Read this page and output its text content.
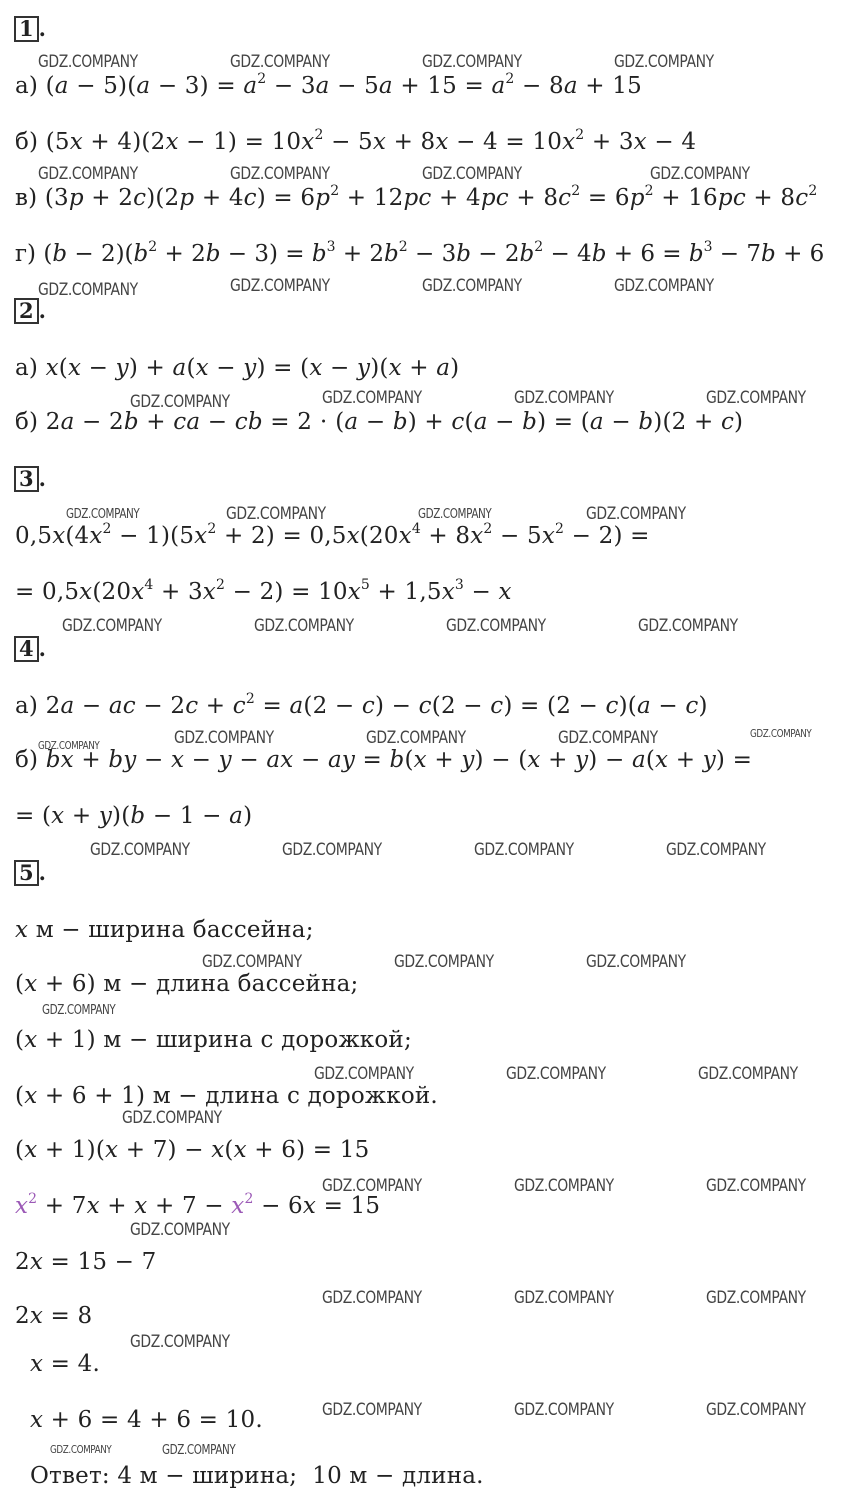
1 .
а) $(a - 5)(a - 3) = a^2 - 3a - 5a + 15 = a^2 - 8a + 15$
б) $(5x + 4)(2x - 1) = 10x^2 - 5x + 8x - 4 = 10x^2 + 3x - 4$
в) $(3p + 2c)(2p + 4c) = 6p^2 + 12pc + 4pc + 8c^2 = 6p^2 + 16pc + 8c^2$
г) $(b - 2)(b^2 + 2b - 3) = b^3 + 2b^2 - 3b - 2b^2 - 4b + 6 = b^3 - 7b + 6$
2 .
а) x(x − y) + a(x − y) = (x − y)(x + a)
б) 2a − 2b + ca − cb = 2 ⋅ (a − b) + c(a − b) = (a − b)(2 + c)
3 .
$0,5x(4x^2 - 1)(5x^2 + 2) = 0,5x(20x^4 + 8x^2 - 5x^2 - 2)$ =
= $0,5x(20x^4 + 3x^2 - 2) = 10x^5 + 1,5x^3 - x$
4 .
а) 2a − ac − $2c + c^2 = a(2 - c) - c(2 - c) = (2 - c)(a - c)$
б) bx + by − x − y − ax − ay = b(x + y) − (x + y) − a(x + y) =
= (x + y)(b − 1 − a)
5 .
x м − ширина бассейна;
(x + 6) м − длина бассейна;
(x + 1) м − ширина с дорожкой;
(x + 6 + 1) м − длина с дорожкой.
(x + 1)(x + 7) − x(x + 6) = 15
$x^2 + 7x + x + 7 - x^2 - 6x = 15$
2x = 15 − 7
2x = 8
x = 4.
x + 6 = 4 + 6 = 10.
Ответ: 4 м − ширина; 10 м − длина.
GDZ.COMPANY	GDZ.COMPANY	GDZ.COMPANY	GDZ.COMPANY
GDZ.COMPANY	GDZ.COMPANY	GDZ.COMPANY	GDZ.COMPANY
GDZ.COMPANY	GDZ.COMPANY	GDZ.COMPANY	GDZ.COMPANY
GDZ.COMPANY	GDZ.COMPANY	GDZ.COMPANY	GDZ.COMPANY
GDZ.COMPANY	GDZ.COMPANY	GDZ.COMPANY	GDZ.COMPANY
GDZ.COMPANY	GDZ.COMPANY	GDZ.COMPANY	GDZ.COMPANY
GDZ.COMPANY	GDZ.COMPANY	GDZ.COMPANY	GDZ.COMPANY	GDZ.COMPANY
GDZ.COMPANY	GDZ.COMPANY	GDZ.COMPANY	GDZ.COMPANY
GDZ.COMPANY	GDZ.COMPANY	GDZ.COMPANY
GDZ.COMPANY
GDZ.COMPANY	GDZ.COMPANY	GDZ.COMPANY
GDZ.COMPANY
GDZ.COMPANY	GDZ.COMPANY	GDZ.COMPANY
GDZ.COMPANY
GDZ.COMPANY	GDZ.COMPANY	GDZ.COMPANY
GDZ.COMPANY
GDZ.COMPANY	GDZ.COMPANY	GDZ.COMPANY
GDZ.COMPANY	GDZ.COMPANY
